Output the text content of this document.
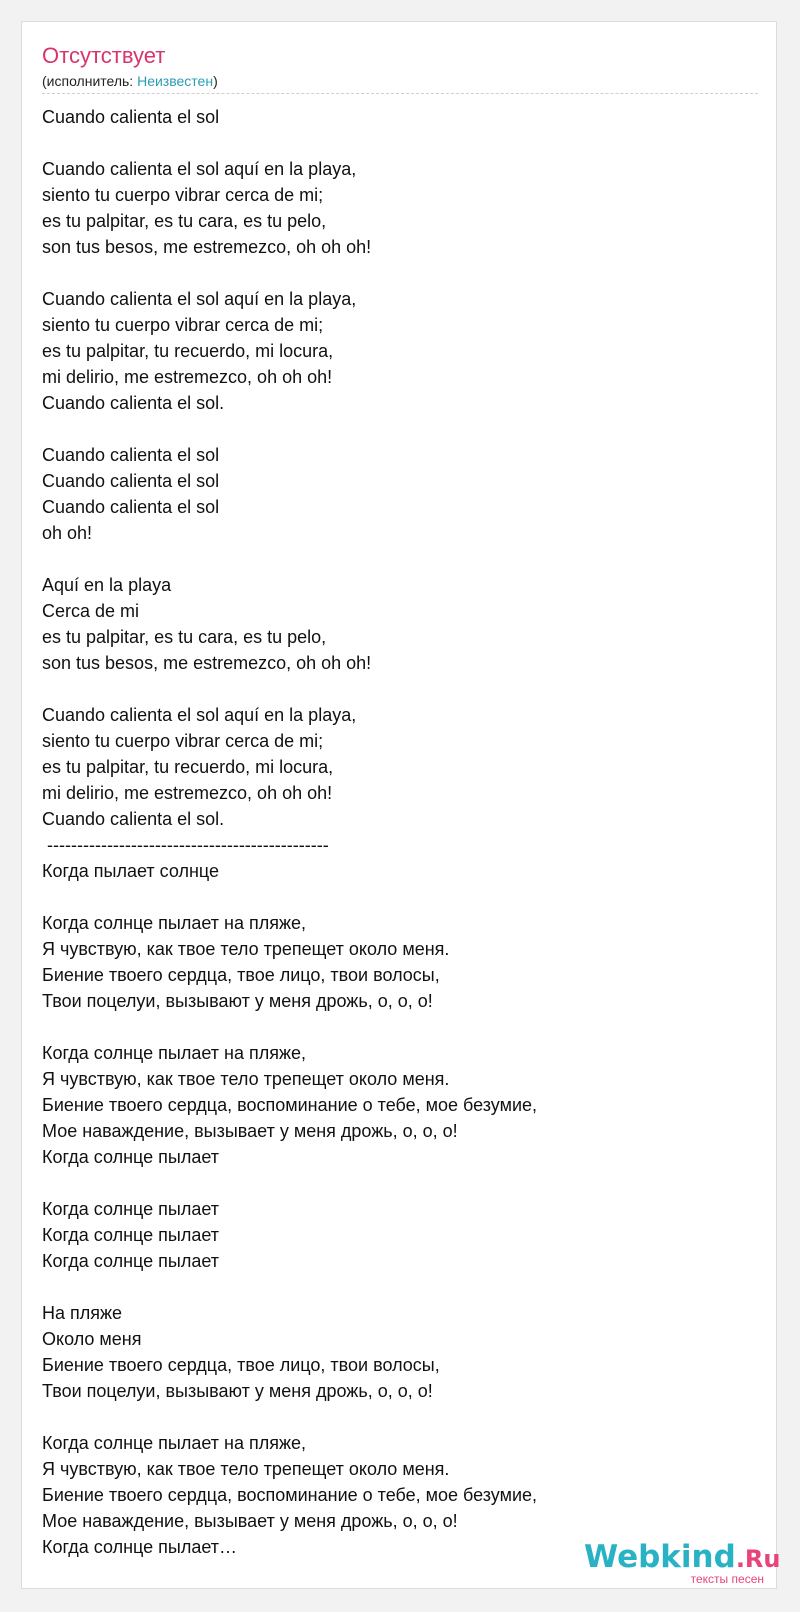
Отсутствует
(исполнитель: Неизвестен)
Cuando calienta el sol

Cuando calienta el sol aquí en la playa,
siento tu cuerpo vibrar cerca de mi;
es tu palpitar, es tu cara, es tu pelo,
son tus besos, me estremezco, oh oh oh!

Cuando calienta el sol aquí en la playa,
siento tu cuerpo vibrar cerca de mi;
es tu palpitar, tu recuerdo, mi locura,
mi delirio, me estremezco, oh oh oh!
Cuando calienta el sol.

Cuando calienta el sol
Cuando calienta el sol
Cuando calienta el sol
oh oh!

Aquí en la playa
Cerca de mi
es tu palpitar, es tu cara, es tu pelo,
son tus besos, me estremezco, oh oh oh!

Cuando calienta el sol aquí en la playa,
siento tu cuerpo vibrar cerca de mi;
es tu palpitar, tu recuerdo, mi locura,
mi delirio, me estremezco, oh oh oh!
Cuando calienta el sol.
-----------------------------------------------
Когда пылает солнце

Когда солнце пылает на пляже,
Я чувствую, как твое тело трепещет около меня.
Биение твоего сердца, твое лицо, твои волосы,
Твои поцелуи, вызывают у меня дрожь, о, о, о!

Когда солнце пылает на пляже,
Я чувствую, как твое тело трепещет около меня.
Биение твоего сердца, воспоминание о тебе, мое безумие,
Мое наваждение, вызывает у меня дрожь, о, о, о!
Когда солнце пылает

Когда солнце пылает
Когда солнце пылает
Когда солнце пылает

На пляже
Около меня
Биение твоего сердца, твое лицо, твои волосы,
Твои поцелуи, вызывают у меня дрожь, о, о, о!

Когда солнце пылает на пляже,
Я чувствую, как твое тело трепещет около меня.
Биение твоего сердца, воспоминание о тебе, мое безумие,
Мое наваждение, вызывает у меня дрожь, о, о, о!
Когда солнце пылает…	Webkind.Ru
тексты песен
